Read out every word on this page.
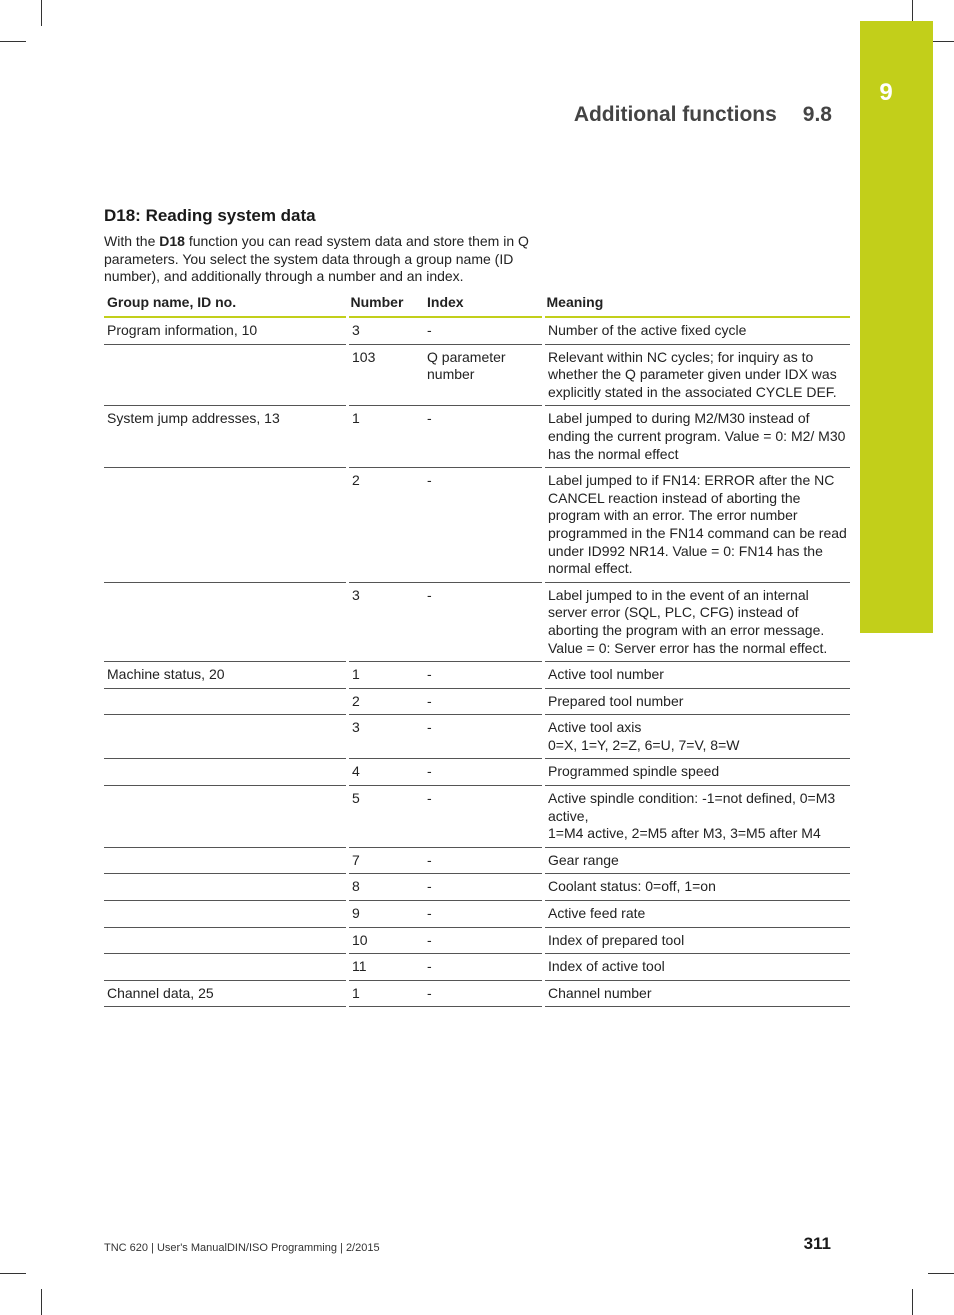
9
Additional functions 9.8
D18: Reading system data
With the D18 function you can read system data and store them in Q parameters. You select the system data through a group name (ID number), and additionally through a number and an index.
Group name, ID no.	Number	Index	Meaning
Program information, 10	3	-	Number of the active fixed cycle
	103	Q parameter number	Relevant within NC cycles; for inquiry as to whether the Q parameter given under IDX was explicitly stated in the associated CYCLE DEF.
System jump addresses, 13	1	-	Label jumped to during M2/M30 instead of ending the current program. Value = 0: M2/ M30 has the normal effect
	2	-	Label jumped to if FN14: ERROR after the NC CANCEL reaction instead of aborting the program with an error. The error number programmed in the FN14 command can be read under ID992 NR14. Value = 0: FN14 has the normal effect.
	3	-	Label jumped to in the event of an internal server error (SQL, PLC, CFG) instead of aborting the program with an error message. Value = 0: Server error has the normal effect.
Machine status, 20	1	-	Active tool number
	2	-	Prepared tool number
	3	-	Active tool axis
0=X, 1=Y, 2=Z, 6=U, 7=V, 8=W
	4	-	Programmed spindle speed
	5	-	Active spindle condition: -1=not defined, 0=M3 active,
1=M4 active, 2=M5 after M3, 3=M5 after M4
	7	-	Gear range
	8	-	Coolant status: 0=off, 1=on
	9	-	Active feed rate
	10	-	Index of prepared tool
	11	-	Index of active tool
Channel data, 25	1	-	Channel number
TNC 620 | User's ManualDIN/ISO Programming | 2/2015	311
